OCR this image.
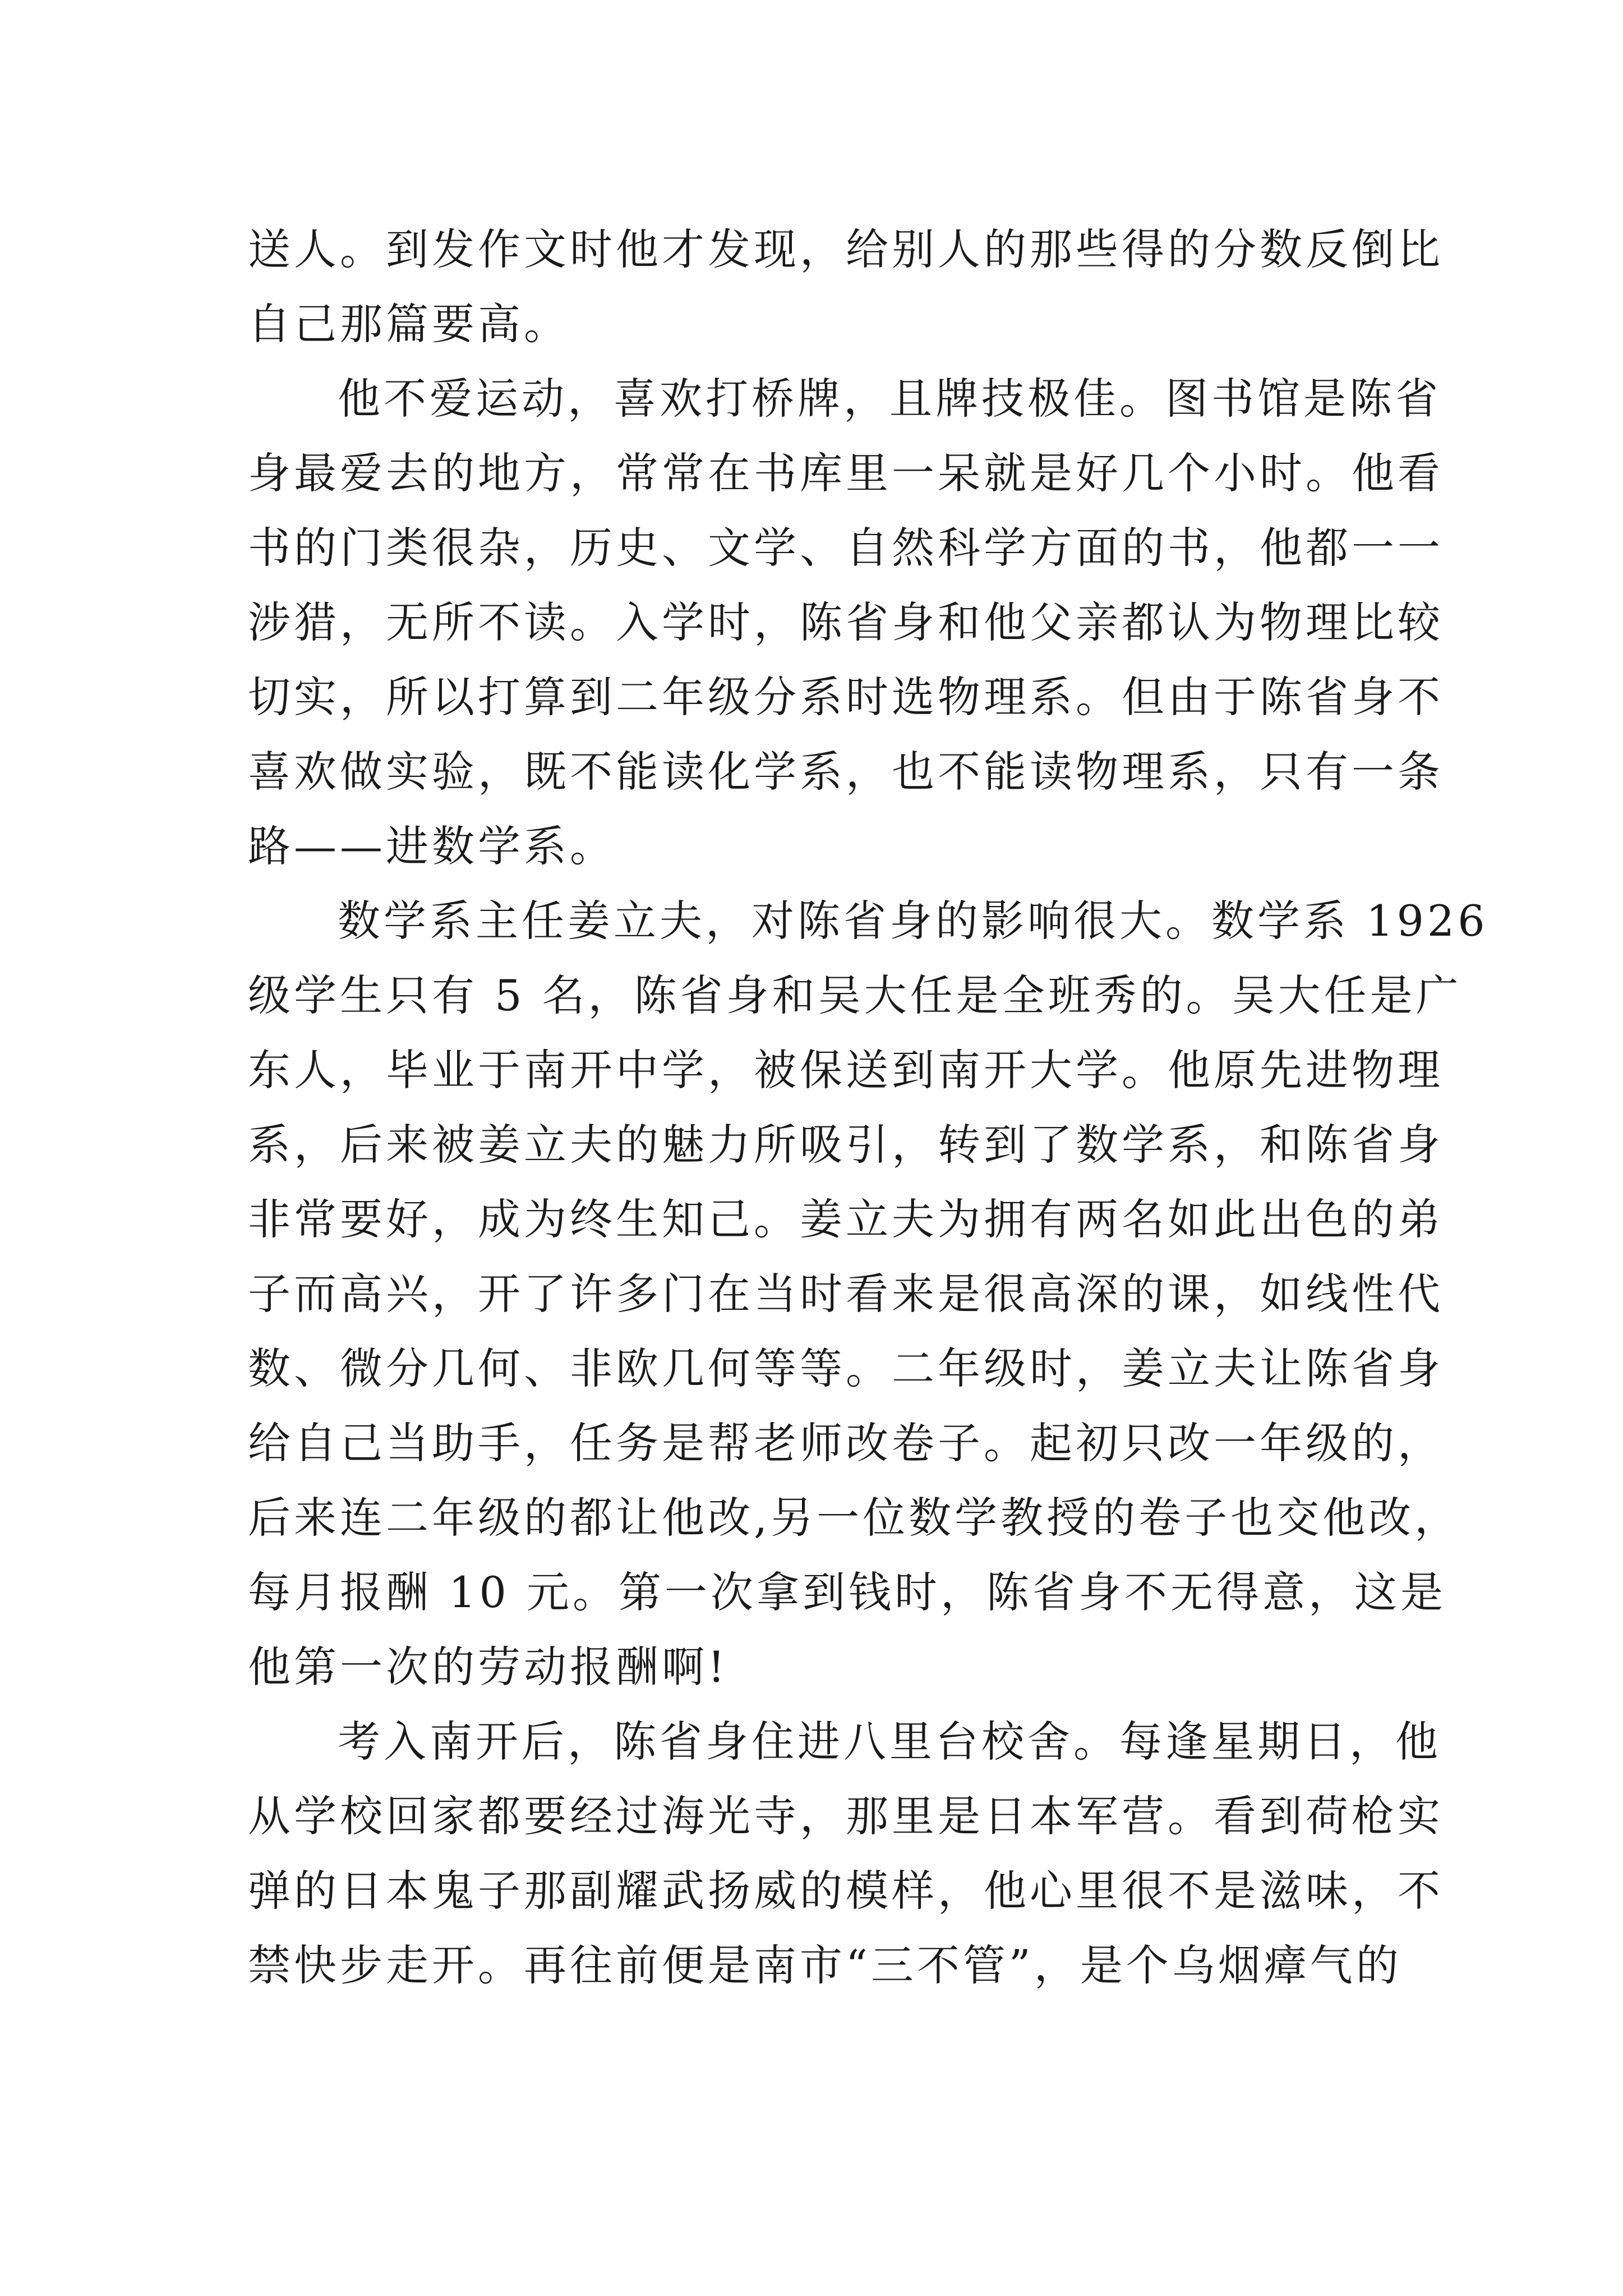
送人。到发作文时他才发现，给别人的那些得的分数反倒比
自己那篇要高。
他不爱运动，喜欢打桥牌，且牌技极佳。图书馆是陈省
身最爱去的地方，常常在书库里一呆就是好几个小时。他看
书的门类很杂，历史、文学、自然科学方面的书，他都一一
涉猎，无所不读。入学时，陈省身和他父亲都认为物理比较
切实，所以打算到二年级分系时选物理系。但由于陈省身不
喜欢做实验，既不能读化学系，也不能读物理系，只有一条
路——进数学系。
数学系主任姜立夫，对陈省身的影响很大。数学系 1926
级学生只有 5 名，陈省身和吴大任是全班秀的。吴大任是广
东人，毕业于南开中学，被保送到南开大学。他原先进物理
系，后来被姜立夫的魅力所吸引，转到了数学系，和陈省身
非常要好，成为终生知己。姜立夫为拥有两名如此出色的弟
子而高兴，开了许多门在当时看来是很高深的课，如线性代
数、微分几何、非欧几何等等。二年级时，姜立夫让陈省身
给自己当助手，任务是帮老师改卷子。起初只改一年级的，
后来连二年级的都让他改,另一位数学教授的卷子也交他改，
每月报酬 10 元。第一次拿到钱时，陈省身不无得意，这是
他第一次的劳动报酬啊!
考入南开后，陈省身住进八里台校舍。每逢星期日，他
从学校回家都要经过海光寺，那里是日本军营。看到荷枪实
弹的日本鬼子那副耀武扬威的模样，他心里很不是滋味，不
禁快步走开。再往前便是南市“三不管”，是个乌烟瘴气的
